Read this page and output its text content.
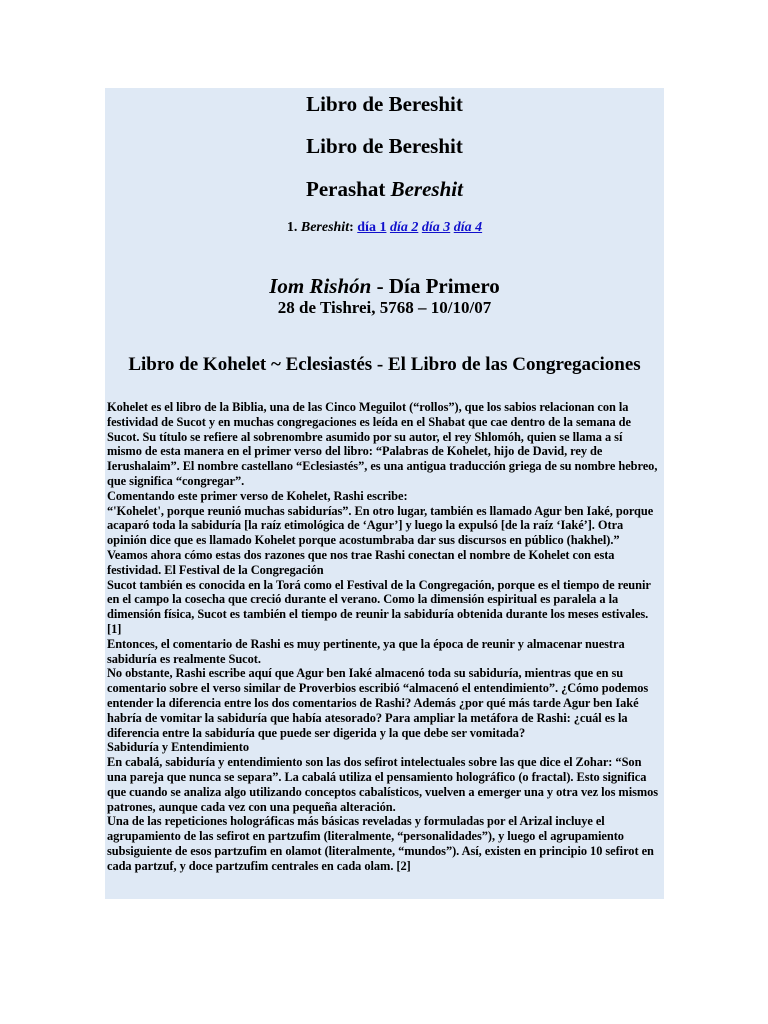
Libro de Bereshit
Libro de Bereshit
Perashat Bereshit
1. Bereshit: día 1 día 2 día 3 día 4
Iom Rishón - Día Primero
28 de Tishrei, 5768 – 10/10/07
Libro de Kohelet ~ Eclesiastés - El Libro de las Congregaciones

Kohelet es el libro de la Biblia, una de las Cinco Meguilot (“rollos”), que los sabios relacionan con la festividad de Sucot y en muchas congregaciones es leída en el Shabat que cae dentro de la semana de Sucot. Su título se refiere al sobrenombre asumido por su autor, el rey Shlomóh, quien se llama a sí mismo de esta manera en el primer verso del libro: “Palabras de Kohelet, hijo de David, rey de Ierushalaim”. El nombre castellano “Eclesiastés”, es una antigua traducción griega de su nombre hebreo, que significa “congregar”.

Comentando este primer verso de Kohelet, Rashi escribe:

“'Kohelet', porque reunió muchas sabidurías”. En otro lugar, también es llamado Agur ben Iaké, porque acaparó toda la sabiduría [la raíz etimológica de ‘Agur’] y luego la expulsó [de la raíz ‘Iaké’]. Otra opinión dice que es llamado Kohelet porque acostumbraba dar sus discursos en público (hakhel).”

Veamos ahora cómo estas dos razones que nos trae Rashi conectan el nombre de Kohelet con esta festividad. El Festival de la Congregación

Sucot también es conocida en la Torá como el Festival de la Congregación, porque es el tiempo de reunir en el campo la cosecha que creció durante el verano. Como la dimensión espiritual es paralela a la dimensión física, Sucot es también el tiempo de reunir la sabiduría obtenida durante los meses estivales. [1]

Entonces, el comentario de Rashi es muy pertinente, ya que la época de reunir y almacenar nuestra sabiduría es realmente Sucot.

No obstante, Rashi escribe aquí que Agur ben Iaké almacenó toda su sabiduría, mientras que en su comentario sobre el verso similar de Proverbios escribió “almacenó el entendimiento”. ¿Cómo podemos entender la diferencia entre los dos comentarios de Rashi? Además ¿por qué más tarde Agur ben Iaké habría de vomitar la sabiduría que había atesorado? Para ampliar la metáfora de Rashi: ¿cuál es la diferencia entre la sabiduría que puede ser digerida y la que debe ser vomitada?

Sabiduría y Entendimiento

En cabalá, sabiduría y entendimiento son las dos sefirot intelectuales sobre las que dice el Zohar: “Son una pareja que nunca se separa”. La cabalá utiliza el pensamiento holográfico (o fractal). Esto significa que cuando se analiza algo utilizando conceptos cabalísticos, vuelven a emerger una y otra vez los mismos patrones, aunque cada vez con una pequeña alteración.

Una de las repeticiones holográficas más básicas reveladas y formuladas por el Arizal incluye el agrupamiento de las sefirot en partzufim (literalmente, “personalidades”), y luego el agrupamiento subsiguiente de esos partzufim en olamot (literalmente, “mundos”). Así, existen en principio 10 sefirot en cada partzuf, y doce partzufim centrales en cada olam. [2]
